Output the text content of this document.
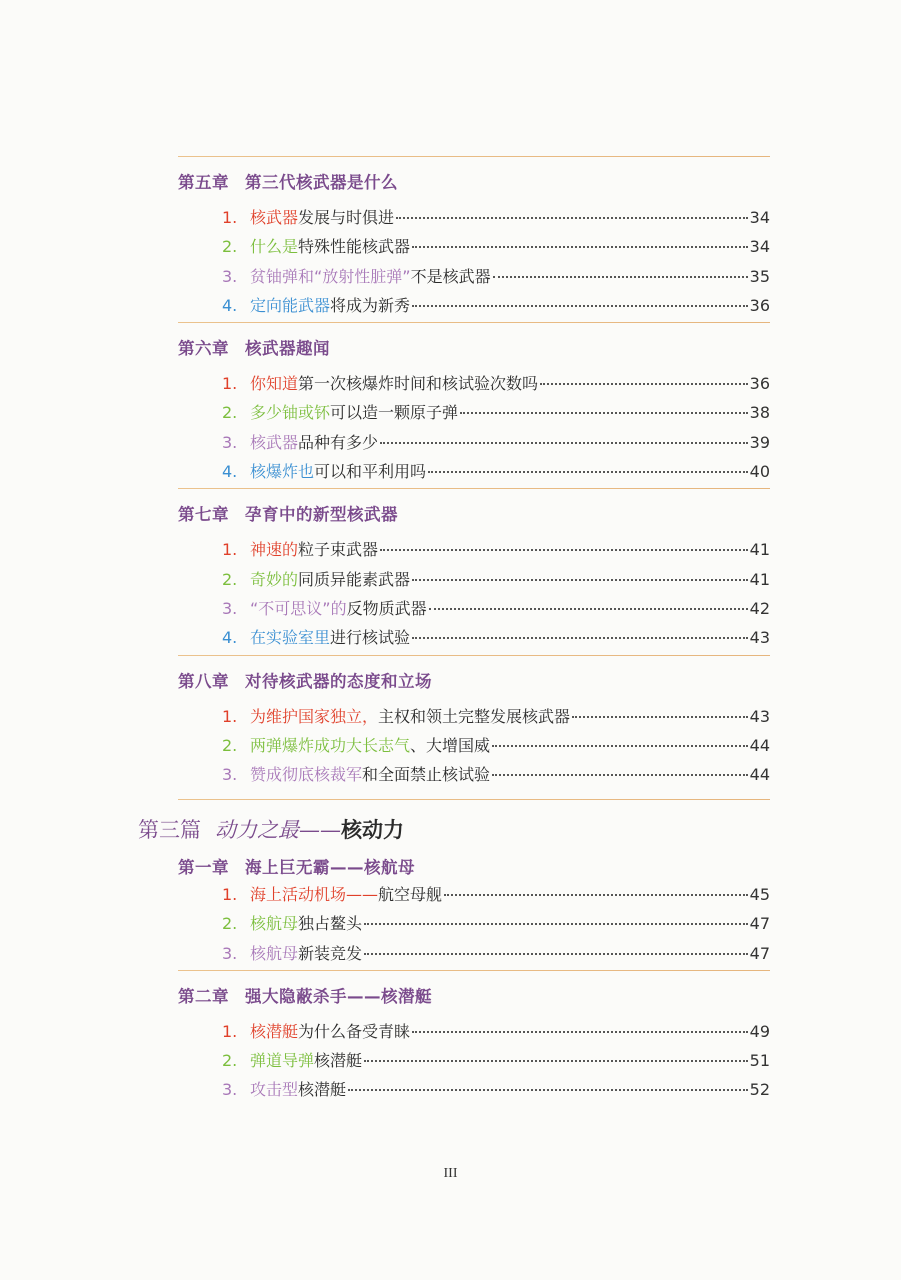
第五章 第三代核武器是什么
1. 核武器发展与时俱进	34
2. 什么是特殊性能核武器	34
3. 贫铀弹和“放射性脏弹”不是核武器	35
4. 定向能武器将成为新秀	36
第六章 核武器趣闻
1. 你知道第一次核爆炸时间和核试验次数吗	36
2. 多少铀或钚可以造一颗原子弹	38
3. 核武器品种有多少	39
4. 核爆炸也可以和平利用吗	40
第七章 孕育中的新型核武器
1. 神速的粒子束武器	41
2. 奇妙的同质异能素武器	41
3. “不可思议”的反物质武器	42
4. 在实验室里进行核试验	43
第八章 对待核武器的态度和立场
1. 为维护国家独立，主权和领土完整发展核武器	43
2. 两弹爆炸成功大长志气、大增国威	44
3. 赞成彻底核裁军和全面禁止核试验	44
第三篇 动力之最——核动力
第一章 海上巨无霸——核航母
1. 海上活动机场——航空母舰	45
2. 核航母独占鳌头	47
3. 核航母新装竞发	47
第二章 强大隐蔽杀手——核潜艇
1. 核潜艇为什么备受青睐	49
2. 弹道导弹核潜艇	51
3. 攻击型核潜艇	52
III
